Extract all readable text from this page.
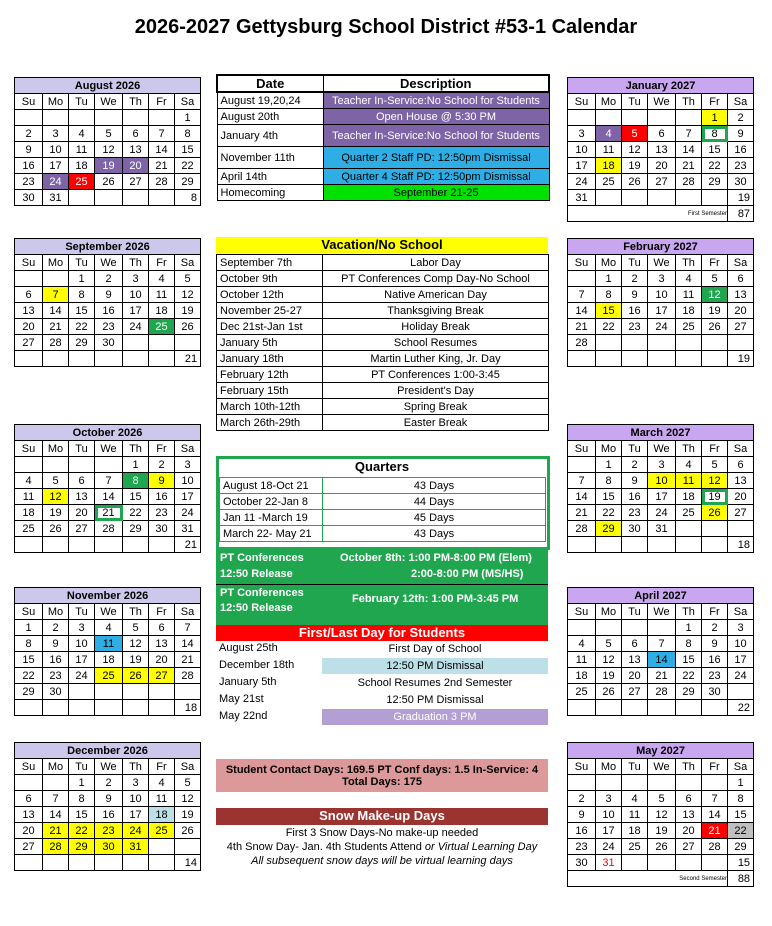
2026-2027 Gettysburg School District #53-1 Calendar
August 2026						
Su	Mo	Tu	We	Th	Fr	Sa
						1
2	3	4	5	6	7	8
9	10	11	12	13	14	15
16	17	18	19	20	21	22
23	24	25	26	27	28	29
30	31					8
September 2026						
Su	Mo	Tu	We	Th	Fr	Sa
		1	2	3	4	5
6	7	8	9	10	11	12
13	14	15	16	17	18	19
20	21	22	23	24	25	26
27	28	29	30			
						21
October 2026						
Su	Mo	Tu	We	Th	Fr	Sa
				1	2	3
4	5	6	7	8	9	10
11	12	13	14	15	16	17
18	19	20	21	22	23	24
25	26	27	28	29	30	31
						21
November 2026						
Su	Mo	Tu	We	Th	Fr	Sa
1	2	3	4	5	6	7
8	9	10	11	12	13	14
15	16	17	18	19	20	21
22	23	24	25	26	27	28
29	30					
						18
December 2026						
Su	Mo	Tu	We	Th	Fr	Sa
		1	2	3	4	5
6	7	8	9	10	11	12
13	14	15	16	17	18	19
20	21	22	23	24	25	26
27	28	29	30	31		
						14
January 2027						
Su	Mo	Tu	We	Th	Fr	Sa
					1	2
3	4	5	6	7	8	9
10	11	12	13	14	15	16
17	18	19	20	21	22	23
24	25	26	27	28	29	30
31						19
First Semester						87
February 2027						
Su	Mo	Tu	We	Th	Fr	Sa
	1	2	3	4	5	6
7	8	9	10	11	12	13
14	15	16	17	18	19	20
21	22	23	24	25	26	27
28						
						19
March 2027						
Su	Mo	Tu	We	Th	Fr	Sa
	1	2	3	4	5	6
7	8	9	10	11	12	13
14	15	16	17	18	19	20
21	22	23	24	25	26	27
28	29	30	31			
						18
April 2027						
Su	Mo	Tu	We	Th	Fr	Sa
				1	2	3
4	5	6	7	8	9	10
11	12	13	14	15	16	17
18	19	20	21	22	23	24
25	26	27	28	29	30	
						22
May 2027						
Su	Mo	Tu	We	Th	Fr	Sa
						1
2	3	4	5	6	7	8
9	10	11	12	13	14	15
16	17	18	19	20	21	22
23	24	25	26	27	28	29
30	31					15
Second Semester						88
Date	Description
August 19,20,24	Teacher In-Service:No School for Students
August 20th	Open House @ 5:30 PM
January 4th	Teacher In-Service:No School for Students
November 11th	Quarter 2 Staff PD: 12:50pm Dismissal
April 14th	Quarter 4 Staff PD: 12:50pm Dismissal
Homecoming	September 21-25
Vacation/No School
September 7th	Labor Day
October 9th	PT Conferences Comp Day-No School
October 12th	Native American Day
November 25-27	Thanksgiving Break
Dec 21st-Jan 1st	Holiday Break
January 5th	School Resumes
January 18th	Martin Luther King, Jr. Day
February 12th	PT Conferences 1:00-3:45
February 15th	President's Day
March 10th-12th	Spring Break
March 26th-29th	Easter Break
Quarters
August 18-Oct 21	43 Days
October 22-Jan 8	44 Days
Jan 11 -March 19	45 Days
March 22- May 21	43 Days
PT Conferences
12:50 Release
October 8th: 1:00 PM-8:00 PM (Elem)
2:00-8:00 PM (MS/HS)
PT Conferences
12:50 Release
February 12th: 1:00 PM-3:45 PM
First/Last Day for Students
August 25th	First Day of School
December 18th	12:50 PM Dismissal
January 5th	School Resumes 2nd Semester
May 21st	12:50 PM Dismissal
May 22nd	Graduation 3 PM
Student Contact Days: 169.5 PT Conf days: 1.5 In-Service: 4
Total Days: 175
Snow Make-up Days
First 3 Snow Days-No make-up needed
4th Snow Day- Jan. 4th Students Attend or Virtual Learning Day
All subsequent snow days will be virtual learning days
